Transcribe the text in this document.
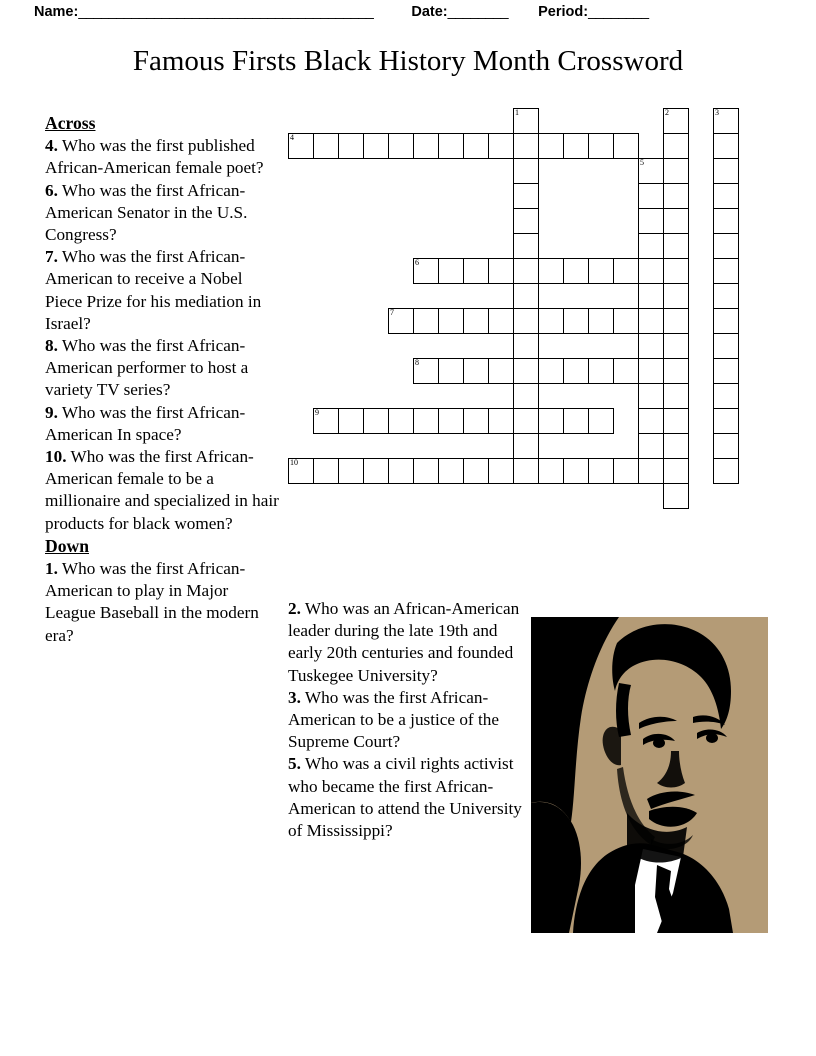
Name: _______________________________________	Date: ________ Period: ________
Famous Firsts Black History Month Crossword
Across

4. Who was the first published African-American female poet?

6. Who was the first African-American Senator in the U.S. Congress?

7. Who was the first African-American to receive a Nobel Piece Prize for his mediation in Israel?

8. Who was the first African-American performer to host a variety TV series?

9. Who was the first African-American In space?

10. Who was the first African-American female to be a millionaire and specialized in hair products for black women?

Down

1. Who was the first African-American to play in Major League Baseball in the modern era?

2. Who was an African-American leader during the late 19th and early 20th centuries and founded Tuskegee University?

3. Who was the first African-American to be a justice of the Supreme Court?

5. Who was a civil rights activist who became the first African-American to attend the University of Mississippi?

1	2	3
4
5
6
7
8
9
10
